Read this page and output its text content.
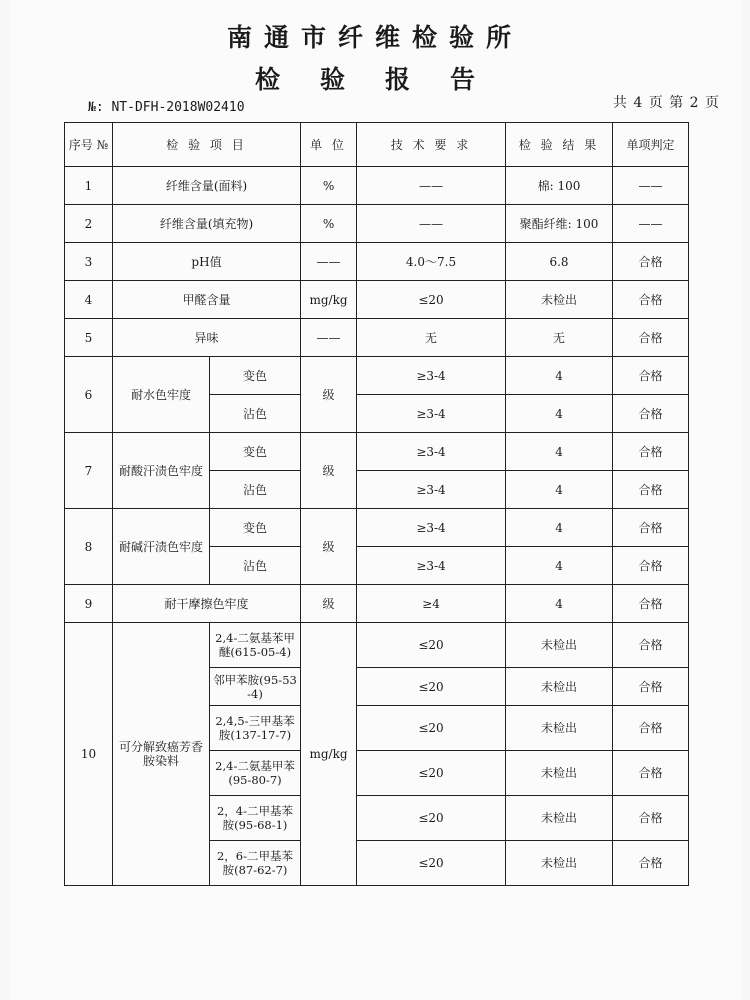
南通市纤维检验所
检验报告
№: NT-DFH-2018W02410	共 4 页 第 2 页
序号 №	检 验 项 目		单 位	技 术 要 求	检 验 结 果	单项判定
1	纤维含量(面料)		%	——	棉: 100	——
2	纤维含量(填充物)		%	——	聚酯纤维: 100	——
3	pH值		——	4.0～7.5	6.8	合格
4	甲醛含量		mg/kg	≤20	未检出	合格
5	异味		——	无	无	合格
6	耐水色牢度	变色	级	≥3-4	4	合格
		沾色		≥3-4	4	合格
7	耐酸汗渍色牢度	变色	级	≥3-4	4	合格
		沾色		≥3-4	4	合格
8	耐碱汗渍色牢度	变色	级	≥3-4	4	合格
		沾色		≥3-4	4	合格
9	耐干摩擦色牢度		级	≥4	4	合格
10	可分解致癌芳香胺染料	2,4-二氨基苯甲醚(615-05-4)	mg/kg	≤20	未检出	合格
		邻甲苯胺(95-53-4)		≤20	未检出	合格
		2,4,5-三甲基苯胺(137-17-7)		≤20	未检出	合格
		2,4-二氨基甲苯(95-80-7)		≤20	未检出	合格
		2，4-二甲基苯胺(95-68-1)		≤20	未检出	合格
		2，6-二甲基苯胺(87-62-7)		≤20	未检出	合格
